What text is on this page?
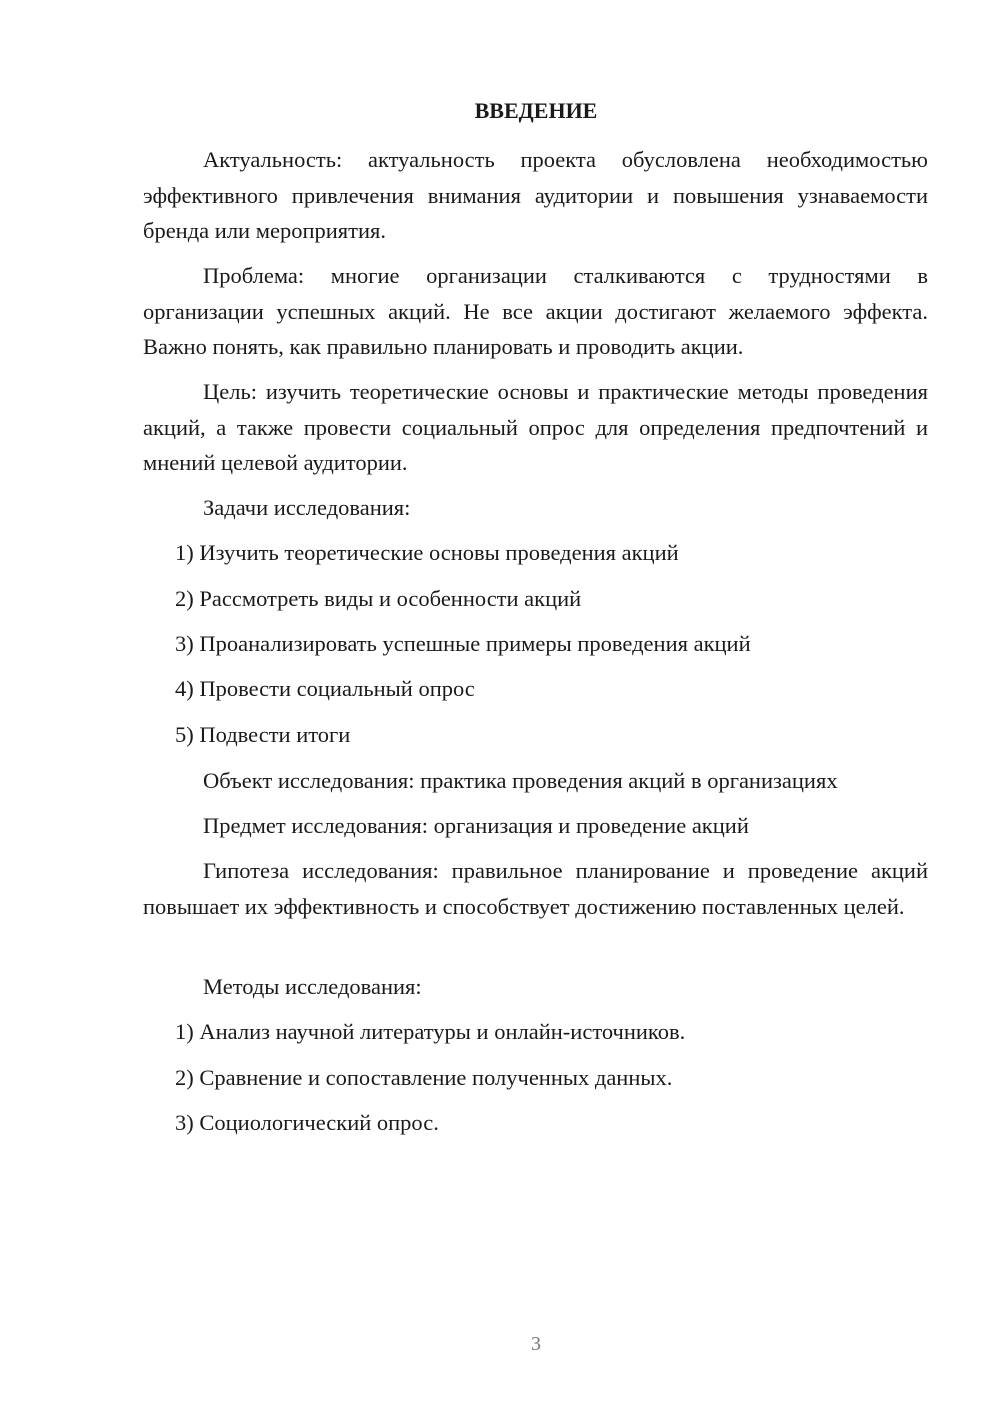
ВВЕДЕНИЕ
Актуальность: актуальность проекта обусловлена необходимостью эффективного привлечения внимания аудитории и повышения узнаваемости бренда или мероприятия.
Проблема: многие организации сталкиваются с трудностями в организации успешных акций. Не все акции достигают желаемого эффекта. Важно понять, как правильно планировать и проводить акции.
Цель: изучить теоретические основы и практические методы проведения акций, а также провести социальный опрос для определения предпочтений и мнений целевой аудитории.
Задачи исследования:
1) Изучить теоретические основы проведения акций
2) Рассмотреть виды и особенности акций
3) Проанализировать успешные примеры проведения акций
4) Провести социальный опрос
5) Подвести итоги
Объект исследования: практика проведения акций в организациях
Предмет исследования: организация и проведение акций
Гипотеза исследования: правильное планирование и проведение акций повышает их эффективность и способствует достижению поставленных целей.
Методы исследования:
1) Анализ научной литературы и онлайн-источников.
2) Сравнение и сопоставление полученных данных.
3) Социологический опрос.
3
